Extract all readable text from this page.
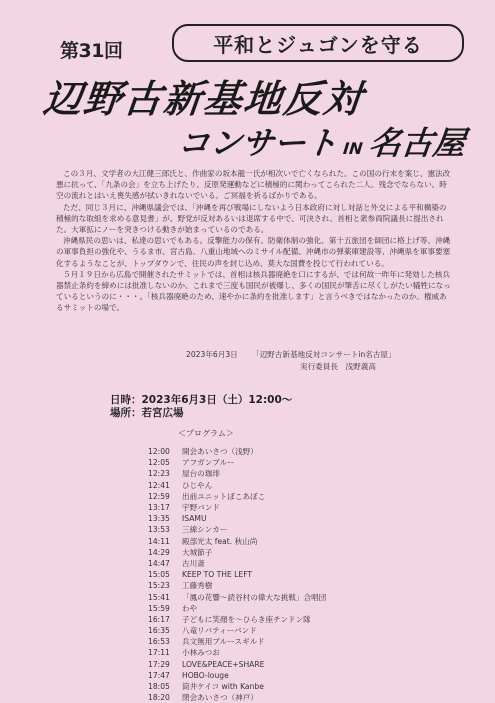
第31回	平和とジュゴンを守る
辺野古新基地反対
コンサート IN 名古屋

この３月、文学者の大江健三郎氏と、作曲家の坂本龍一氏が相次いで亡くなられた。この国の行末を案じ、憲法改悪に抗って、「九条の会」を立ち上げたり、反原発運動などに積極的に関わってこられた二人。残念でならない。時空の流れとはいえ喪失感が拭いきれないでいる。ご冥福を祈るばかりである。

ただ、同じ３月に、沖縄県議会では、「沖縄を再び戦場にしないよう日本政府に対し対話と外交による平和構築の積極的な取組を求める意見書」が、野党が反対あるいは退席する中で、可決され、首相と衆参両院議長に提出された。大軍拡にノーを突きつける動きが始まっているのである。

沖縄県民の思いは、私達の思いでもある。反撃能力の保有、防衛体制の強化、第十五旅団を師団に格上げ等、沖縄の軍事負担の強化や、うるま市、宮古島、八重山地域へのミサイル配備、沖縄市の弾薬庫建設等、沖縄県を軍事要塞化するようなことが、トップダウンで、住民の声を封じ込め、莫大な国費を投じて行われている。

５月１９日から広島で開催されたサミットでは、首相は核兵器廃絶を口にするが、では何故一昨年に発効した核兵器禁止条約を締めには批准しないのか、これまで三度も国民が被爆し、多くの国民が筆舌に尽くしがたい犠牲になっているというのに・・・。「核兵器廃絶のため、速やかに条約を批准します」と言うべきではなかったのか。権威あるサミットの場で。

2023年6月3日 「辺野古新基地反対コンサートin名古屋」
実行委員長　浅野義高
日時：2023年6月3日（土）12:00～
場所：若宮広場
＜プログラム＞
12:00	開会あいさつ（浅野）
12:05	アフガンブルー
12:23	屋台の珈琲
12:41	ひじやん
12:59	出前ユニットぼこあぼこ
13:17	宇野バンド
13:35	ISAMU
13:53	三線シンカー
14:11	殿部光太 feat. 秋山尚
14:29	大城節子
14:47	古川斎
15:05	KEEP TO THE LEFT
15:23	工藤秀樹
15:41	「鳳の花響～読谷村の偉大な挑戦」合唱団
15:59	わや
16:17	子どもに笑顔を～ひらき座チンドン隊
16:35	八竜リバティーバンド
16:53	兵文無用ブルースギルド
17:11	小林みつお
17:29	LOVE&PEACE+SHARE
17:47	HOBO-louge
18:05	筒井ケイコ with Kanbe
18:20	閉会あいさつ（神戸）
